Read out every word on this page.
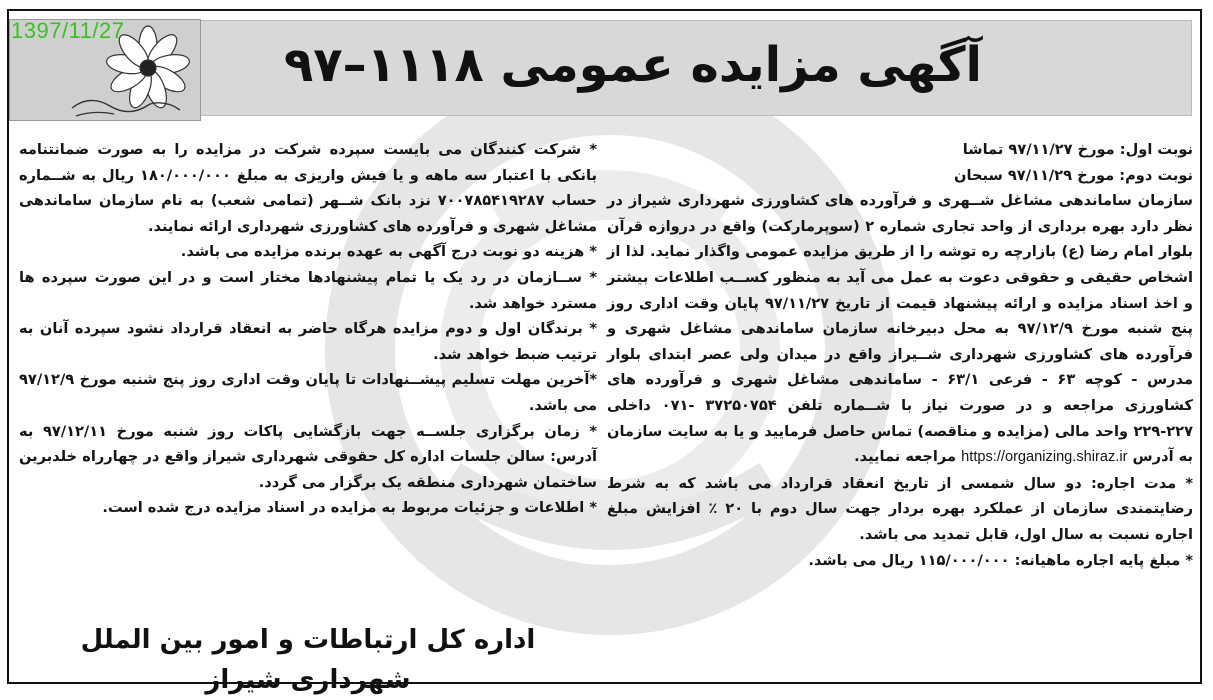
1397/11/27
آگهی مزایده عمومی ۱۱۱۸–۹۷

نوبت اول: مورخ ۹۷/۱۱/۲۷ تماشا

نوبت دوم: مورخ ۹۷/۱۱/۲۹ سبحان

سازمان ساماندهی مشاغل شــهری و فرآورده های کشاورزی شهرداری شیراز در نظر دارد بهره برداری از واحد تجاری شماره ۲ (سوپرمارکت) واقع در دروازه قرآن بلوار امام رضا (ع) بازارچه ره توشه را از طریق مزایده عمومی واگذار نماید. لذا از اشخاص حقیقی و حقوقی دعوت به عمل می آید به منظور کســب اطلاعات بیشتر و اخذ اسناد مزایده و ارائه پیشنهاد قیمت از تاریخ ۹۷/۱۱/۲۷ پایان وقت اداری روز پنج شنبه مورخ ۹۷/۱۲/۹ به محل دبیرخانه سازمان ساماندهی مشاغل شهری و فرآورده های کشاورزی شهرداری شــیراز واقع در میدان ولی عصر ابتدای بلوار مدرس - کوچه ۶۳ - فرعی ۶۳/۱ - ساماندهی مشاغل شهری و فرآورده های کشاورزی مراجعه و در صورت نیاز با شــماره تلفن ۳۷۲۵۰۷۵۴ -۰۷۱ داخلی ۲۲۷-۲۲۹ واحد مالی (مزایده و مناقصه) تماس حاصل فرمایید و یا به سایت سازمان به آدرس https://organizing.shiraz.ir مراجعه نمایید.

* مدت اجاره: دو سال شمسی از تاریخ انعقاد قرارداد می باشد که به شرط رضایتمندی سازمان از عملکرد بهره بردار جهت سال دوم با ۲۰ ٪ افزایش مبلغ اجاره نسبت به سال اول، قابل تمدید می باشد.

* مبلغ پایه اجاره ماهیانه: ۱۱۵/۰۰۰/۰۰۰ ریال می باشد.

* شرکت کنندگان می بایست سپرده شرکت در مزایده را به صورت ضمانتنامه بانکی با اعتبار سه ماهه و یا فیش واریزی به مبلغ ۱۸۰/۰۰۰/۰۰۰ ریال به شــماره حساب ۷۰۰۷۸۵۴۱۹۲۸۷ نزد بانک شــهر (تمامی شعب) به نام سازمان ساماندهی مشاغل شهری و فرآورده های کشاورزی شهرداری ارائه نمایند.

* هزینه دو نوبت درج آگهی به عهده برنده مزایده می باشد.

* ســازمان در رد یک یا تمام پیشنهادها مختار است و در این صورت سپرده ها مسترد خواهد شد.

* برندگان اول و دوم مزایده هرگاه حاضر به انعقاد قرارداد نشود سپرده آنان به ترتیب ضبط خواهد شد.

*آخرین مهلت تسلیم پیشــنهادات تا پایان وقت اداری روز پنج شنبه مورخ ۹۷/۱۲/۹ می باشد.

* زمان برگزاری جلســه جهت بازگشایی پاکات روز شنبه مورخ ۹۷/۱۲/۱۱ به آدرس: سالن جلسات اداره کل حقوقی شهرداری شیراز واقع در چهارراه خلدبرین ساختمان شهرداری منطقه یک برگزار می گردد.

* اطلاعات و جزئیات مربوط به مزایده در اسناد مزایده درج شده است.

اداره کل ارتباطات و امور بین الملل شهرداری شیراز
